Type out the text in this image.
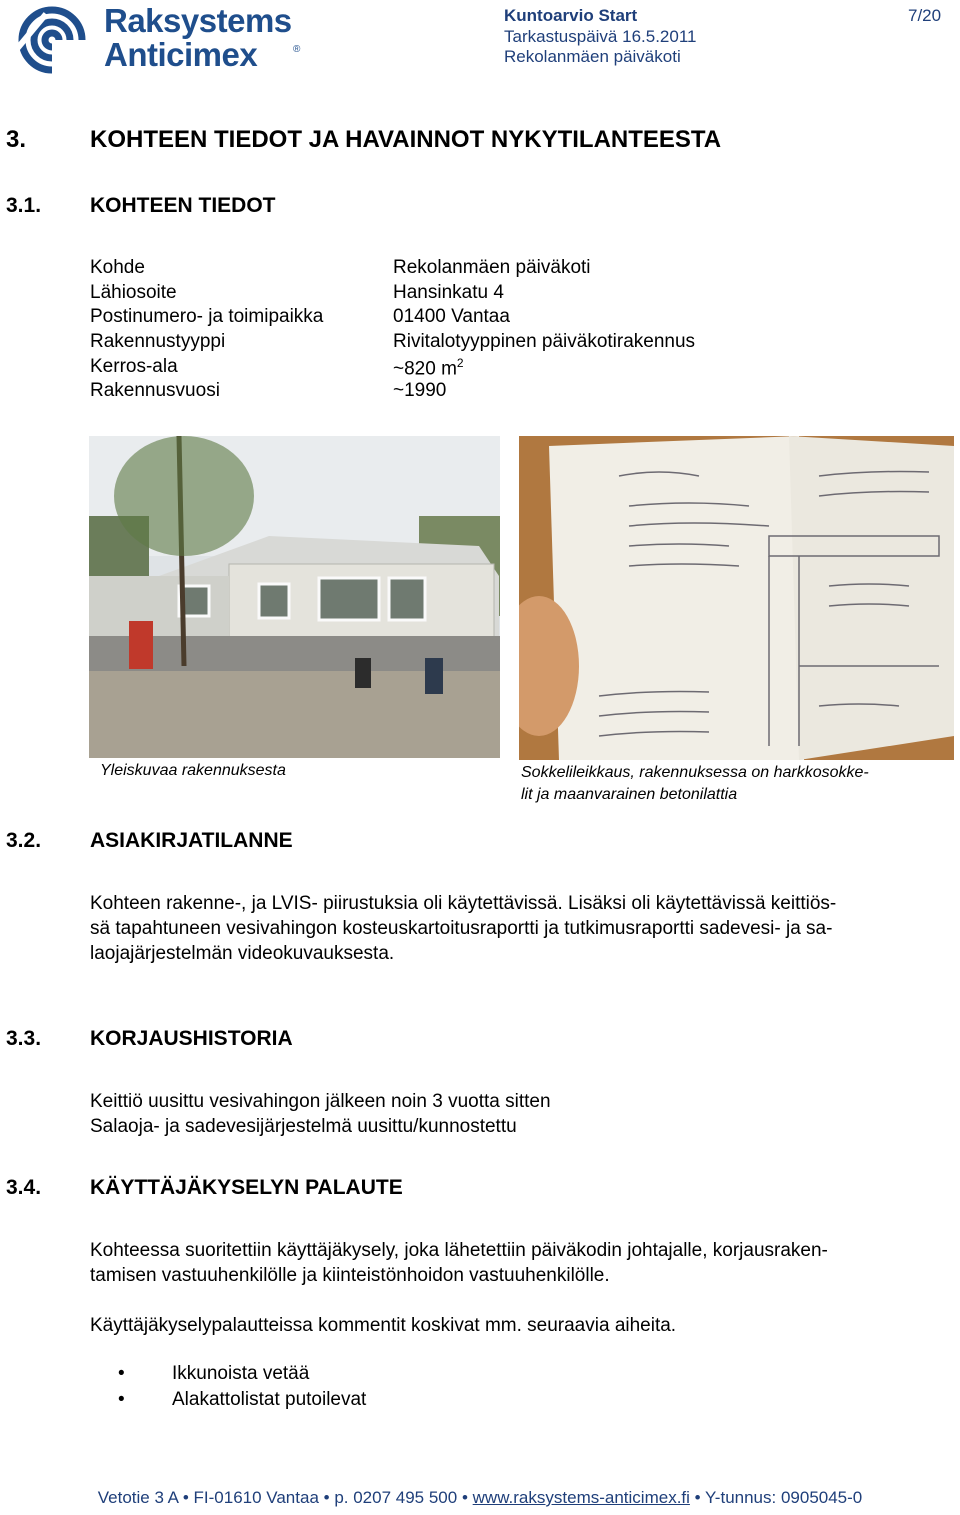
Raksystems
Anticimex	®
Kuntoarvio Start
Tarkastuspäivä 16.5.2011
Rekolanmäen päiväkoti
7/20
3.	KOHTEEN TIEDOT JA HAVAINNOT NYKYTILANTEESTA
3.1. KOHTEEN TIEDOT
Kohde	Rekolanmäen päiväkoti
Lähiosoite	Hansinkatu 4
Postinumero- ja toimipaikka	01400 Vantaa
Rakennustyyppi	Rivitalotyyppinen päiväkotirakennus
Kerros-ala	~820 $m^2$
Rakennusvuosi	~1990
Yleiskuvaa rakennuksesta	Sokkelileikkaus, rakennuksessa on harkkosokke-
lit ja maanvarainen betonilattia
3.2. ASIAKIRJATILANNE
Kohteen rakenne-, ja LVIS- piirustuksia oli käytettävissä. Lisäksi oli käytettävissä keittiös-
sä tapahtuneen vesivahingon kosteuskartoitusraportti ja tutkimusraportti sadevesi- ja sa-
laojajärjestelmän videokuvauksesta.
3.3. KORJAUSHISTORIA
Keittiö uusittu vesivahingon jälkeen noin 3 vuotta sitten
Salaoja- ja sadevesijärjestelmä uusittu/kunnostettu
3.4. KÄYTTÄJÄKYSELYN PALAUTE
Kohteessa suoritettiin käyttäjäkysely, joka lähetettiin päiväkodin johtajalle, korjausraken-
tamisen vastuuhenkilölle ja kiinteistönhoidon vastuuhenkilölle.
Käyttäjäkyselypalautteissa kommentit koskivat mm. seuraavia aiheita.
• Ikkunoista vetää
• Alakattolistat putoilevat
Vetotie 3 A • FI-01610 Vantaa • p. 0207 495 500 • www.raksystems-anticimex.fi • Y-tunnus: 0905045-0
